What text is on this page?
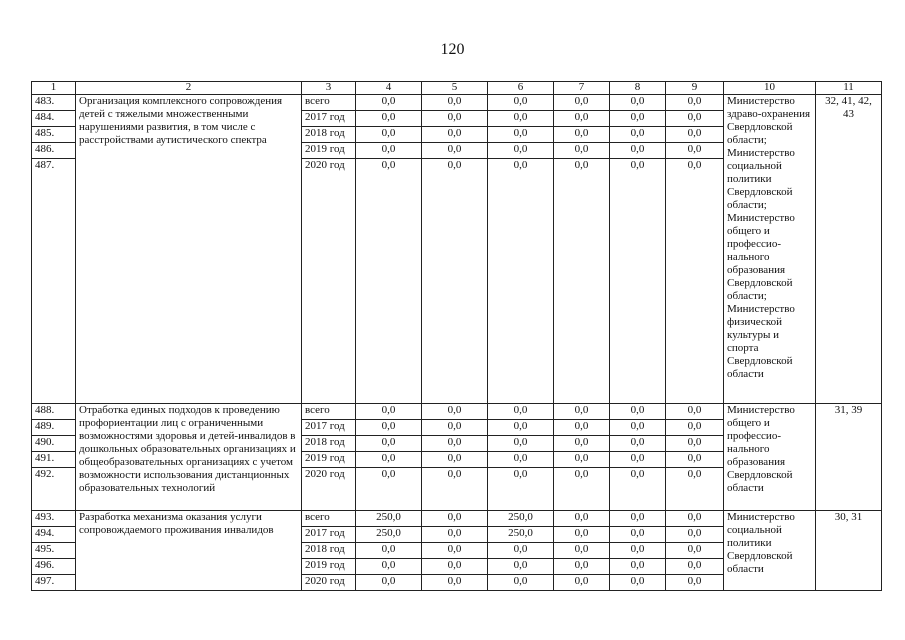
120
1	2	3	4	5	6	7	8	9	10	11
483.	Организация комплексного сопровождения детей с тяжелыми множественными нарушениями развития, в том числе с расстройствами аутистического спектра	всего	0,0	0,0	0,0	0,0	0,0	0,0	Министерство здраво-охранения Свердловской области; Министерство социальной политики Свердловской области; Министерство общего и профессио-нального образования Свердловской области; Министерство физической культуры и спорта Свердловской области	32, 41, 42, 43
484.		2017 год	0,0	0,0	0,0	0,0	0,0	0,0		
485.		2018 год	0,0	0,0	0,0	0,0	0,0	0,0		
486.		2019 год	0,0	0,0	0,0	0,0	0,0	0,0		
487.		2020 год	0,0	0,0	0,0	0,0	0,0	0,0		
488.	Отработка единых подходов к проведению профориентации лиц с ограниченными возможностями здоровья и детей-инвалидов в дошкольных образовательных организациях и общеобразовательных организациях с учетом возможности использования дистанционных образовательных технологий	всего	0,0	0,0	0,0	0,0	0,0	0,0	Министерство общего и профессио-нального образования Свердловской области	31, 39
489.		2017 год	0,0	0,0	0,0	0,0	0,0	0,0		
490.		2018 год	0,0	0,0	0,0	0,0	0,0	0,0		
491.		2019 год	0,0	0,0	0,0	0,0	0,0	0,0		
492.		2020 год	0,0	0,0	0,0	0,0	0,0	0,0		
493.	Разработка механизма оказания услуги сопровождаемого проживания инвалидов	всего	250,0	0,0	250,0	0,0	0,0	0,0	Министерство социальной политики Свердловской области	30, 31
494.		2017 год	250,0	0,0	250,0	0,0	0,0	0,0		
495.		2018 год	0,0	0,0	0,0	0,0	0,0	0,0		
496.		2019 год	0,0	0,0	0,0	0,0	0,0	0,0		
497.		2020 год	0,0	0,0	0,0	0,0	0,0	0,0		
